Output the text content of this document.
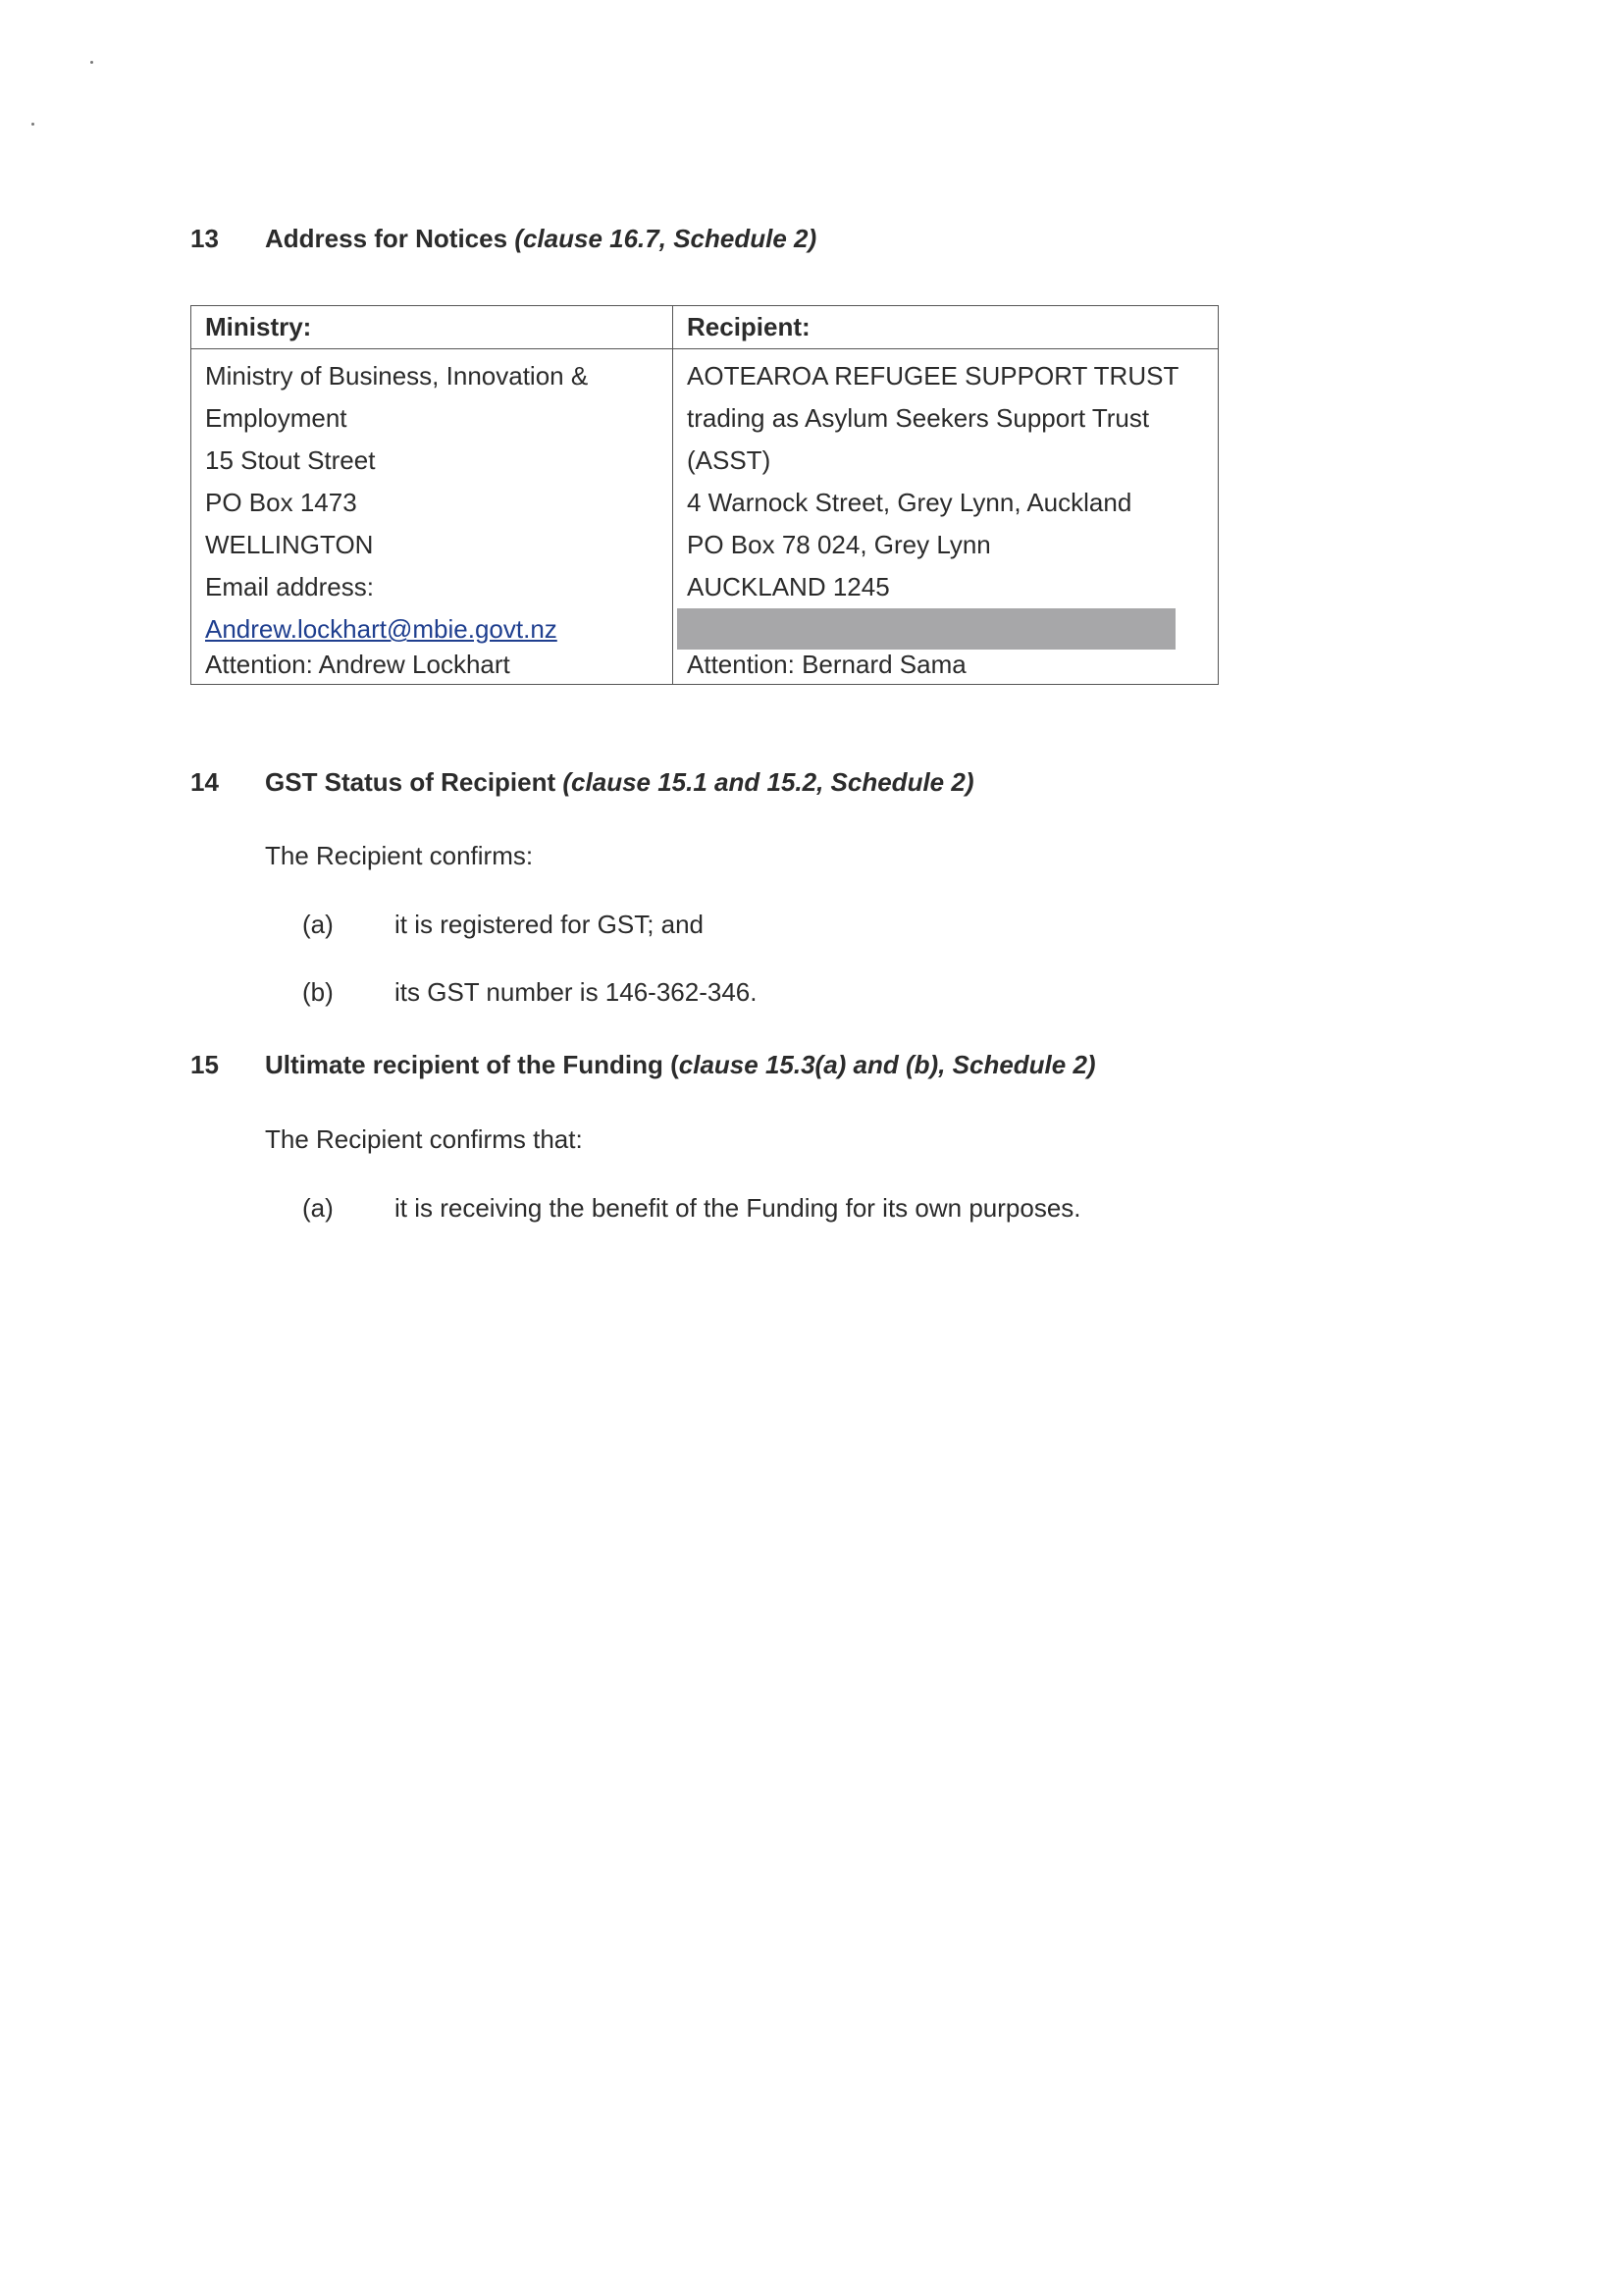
13 Address for Notices (clause 16.7, Schedule 2)
Ministry:
Ministry of Business, Innovation &
Employment
15 Stout Street
PO Box 1473
WELLINGTON
Email address:
Andrew.lockhart@mbie.govt.nz
Attention: Andrew Lockhart
Recipient:
AOTEAROA REFUGEE SUPPORT TRUST
trading as Asylum Seekers Support Trust
(ASST)
4 Warnock Street, Grey Lynn, Auckland
PO Box 78 024, Grey Lynn
AUCKLAND 1245
Attention: Bernard Sama
14 GST Status of Recipient (clause 15.1 and 15.2, Schedule 2)
The Recipient confirms:
(a) it is registered for GST; and
(b) its GST number is 146-362-346.
15 Ultimate recipient of the Funding (clause 15.3(a) and (b), Schedule 2)
The Recipient confirms that:
(a) it is receiving the benefit of the Funding for its own purposes.
